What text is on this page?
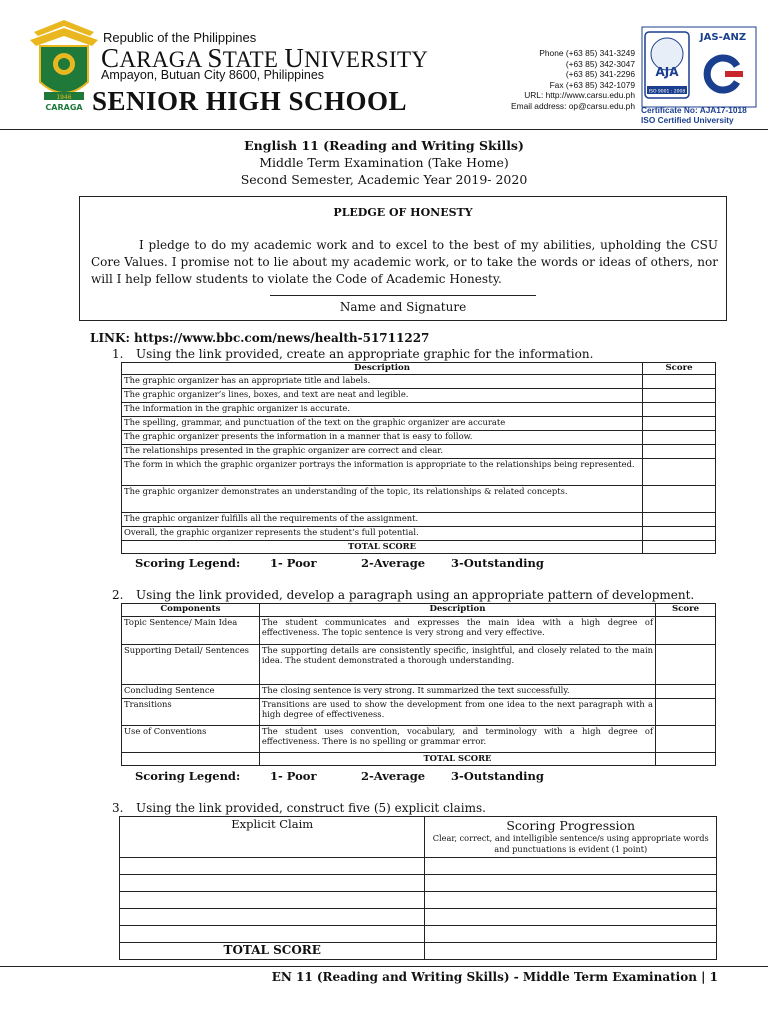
1946
CARAGA
Republic of the Philippines
CARAGA STATE UNIVERSITY
Ampayon, Butuan City 8600, Philippines
SENIOR HIGH SCHOOL
Phone (+63 85) 341-3249
(+63 85) 342-3047
(+63 85) 341-2296
Fax (+63 85) 342-1079
URL: http://www.carsu.edu.ph
Email address: op@carsu.edu.ph
AJA
ISO 9001 : 2008
JAS-ANZ
Certificate No: AJA17-1018
ISO Certified University
English 11 (Reading and Writing Skills)
Middle Term Examination (Take Home)
Second Semester, Academic Year 2019- 2020
PLEDGE OF HONESTY
I pledge to do my academic work and to excel to the best of my abilities, upholding the CSU Core Values. I promise not to lie about my academic work, or to take the words or ideas of others, nor will I help fellow students to violate the Code of Academic Honesty.
Name and Signature
LINK: https://www.bbc.com/news/health-51711227
1. Using the link provided, create an appropriate graphic for the information.
Description	Score
The graphic organizer has an appropriate title and labels.	
The graphic organizer’s lines, boxes, and text are neat and legible.	
The information in the graphic organizer is accurate.	
The spelling, grammar, and punctuation of the text on the graphic organizer are accurate	
The graphic organizer presents the information in a manner that is easy to follow.	
The relationships presented in the graphic organizer are correct and clear.	
The form in which the graphic organizer portrays the information is appropriate to the relationships being represented.	
The graphic organizer demonstrates an understanding of the topic, its relationships & related concepts.	
The graphic organizer fulfills all the requirements of the assignment.	
Overall, the graphic organizer represents the student’s full potential.	
TOTAL SCORE	
Scoring Legend:	1- Poor	2-Average 3-Outstanding
2. Using the link provided, develop a paragraph using an appropriate pattern of development.
Components	Description	Score
Topic Sentence/ Main Idea	The student communicates and expresses the main idea with a high degree of effectiveness. The topic sentence is very strong and very effective.	
Supporting Detail/ Sentences	The supporting details are consistently specific, insightful, and closely related to the main idea. The student demonstrated a thorough understanding.	
Concluding Sentence	The closing sentence is very strong. It summarized the text successfully.	
Transitions	Transitions are used to show the development from one idea to the next paragraph with a high degree of effectiveness.	
Use of Conventions	The student uses convention, vocabulary, and terminology with a high degree of effectiveness. There is no spelling or grammar error.	
	TOTAL SCORE	
Scoring Legend:	1- Poor	2-Average 3-Outstanding
3. Using the link provided, construct five (5) explicit claims.
Explicit Claim	Scoring Progression
Clear, correct, and intelligible sentence/s using appropriate words and punctuations is evident (1 point)

TOTAL SCORE	
EN 11 (Reading and Writing Skills) - Middle Term Examination | 1
